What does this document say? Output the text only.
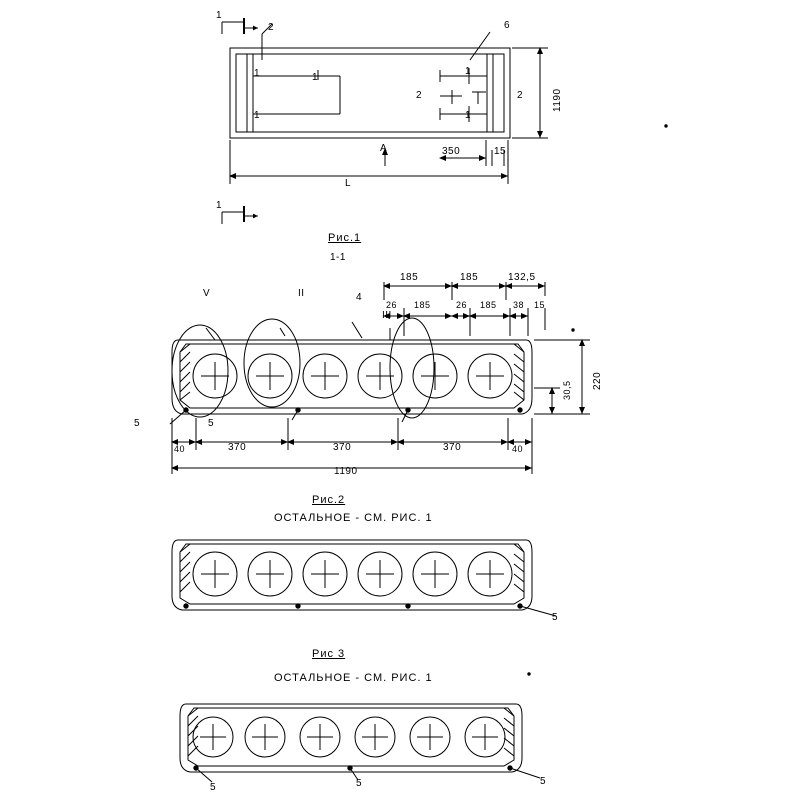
1
1
2
1	1
1	1
1
6
2	2	1190
L
350	15
A
Рис.1
1-1
V	II
III
4
5	5
185	185	132,5
26 185	26 185 38 15
30,5 220
40	370	370	370	40
1190
Рис.2
ОСТАЛЬНОЕ - СМ. РИС. 1
5
Рис 3
ОСТАЛЬНОЕ - СМ. РИС. 1
5	5	5
